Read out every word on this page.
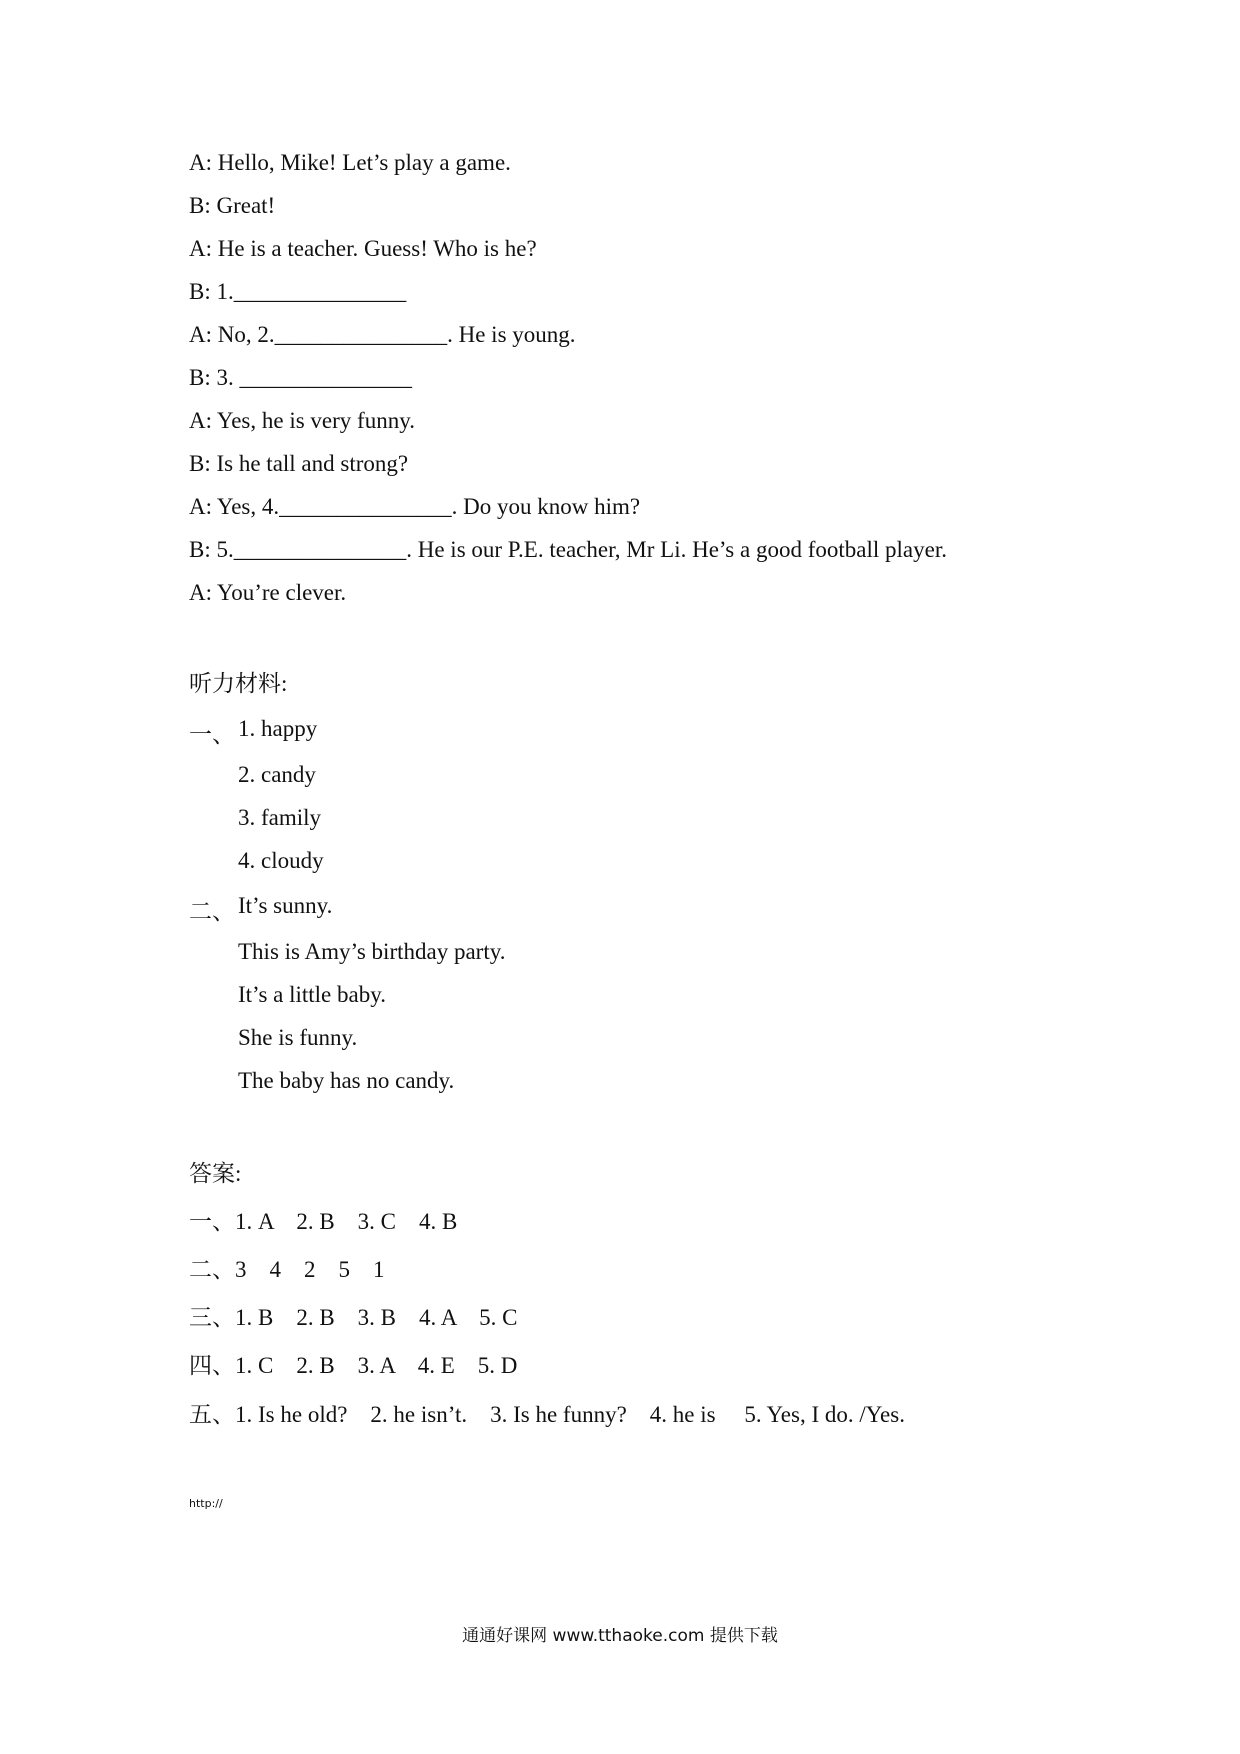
A: Hello, Mike! Let’s play a game.
B: Great!
A: He is a teacher. Guess! Who is he?
B: 1._______________
A: No, 2._______________. He is young.
B: 3. _______________
A: Yes, he is very funny.
B: Is he tall and strong?
A: Yes, 4._______________. Do you know him?
B: 5._______________. He is our P.E. teacher, Mr Li. He’s a good football player.
A: You’re clever.
听力材料:
一、 1. happy
2. candy
3. family
4. cloudy
二、 It’s sunny.
This is Amy’s birthday party.
It’s a little baby.
She is funny.
The baby has no candy.
答案:
一、1. A    2. B    3. C    4. B
二、3    4    2    5    1
三、1. B    2. B    3. B    4. A    5. C
四、1. C    2. B    3. A    4. E    5. D
五、1. Is he old?    2. he isn’t.    3. Is he funny?    4. he is     5. Yes, I do. /Yes.
http://
通通好课网 www.tthaoke.com 提供下载
